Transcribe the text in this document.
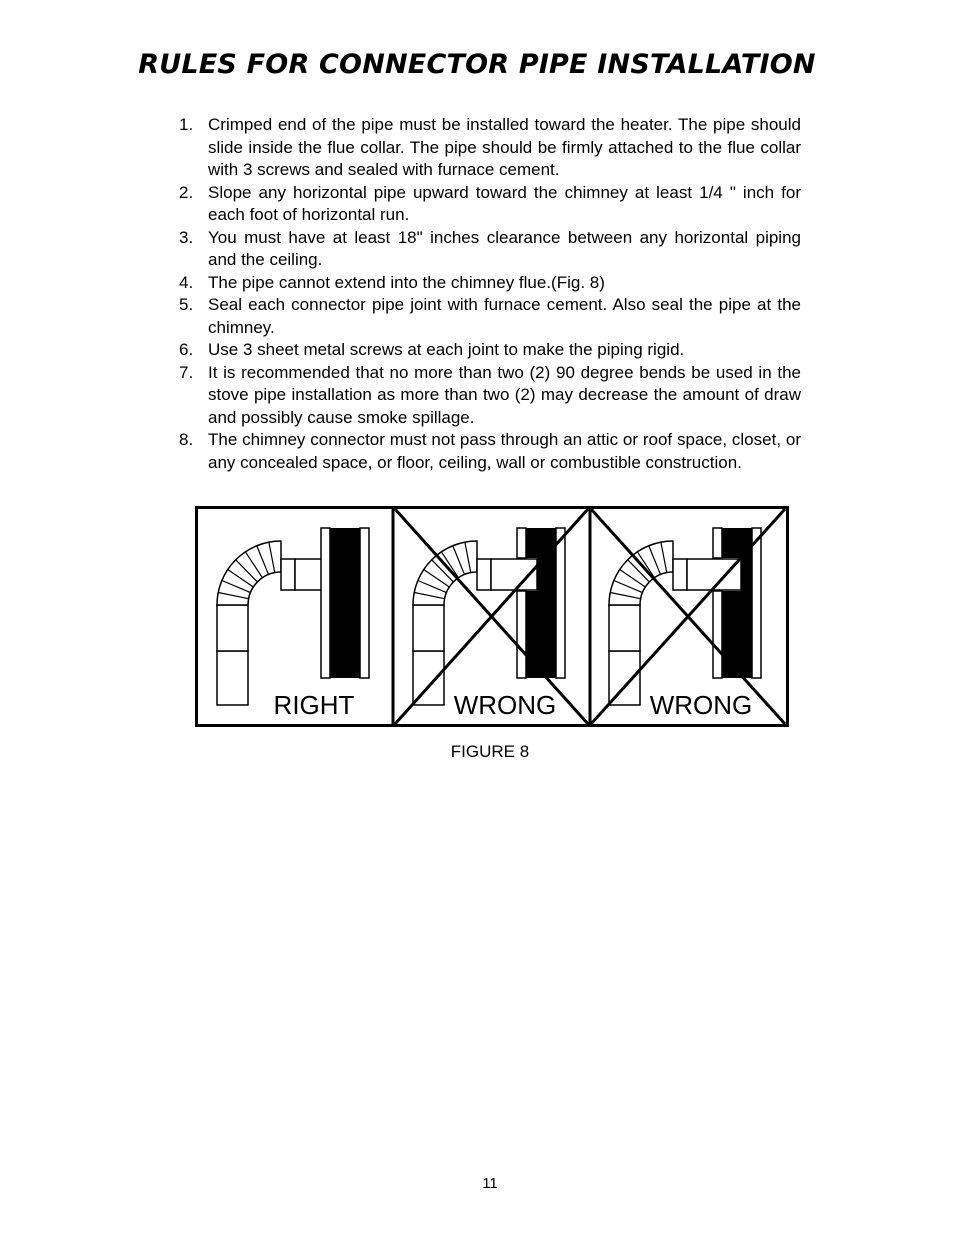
RULES FOR CONNECTOR PIPE INSTALLATION
1. Crimped end of the pipe must be installed toward the heater. The pipe should slide inside the flue collar. The pipe should be firmly attached to the flue collar with 3 screws and sealed with furnace cement.
2. Slope any horizontal pipe upward toward the chimney at least 1/4 " inch for each foot of horizontal run.
3. You must have at least 18" inches clearance between any horizontal piping and the ceiling.
4. The pipe cannot extend into the chimney flue.(Fig. 8)
5. Seal each connector pipe joint with furnace cement. Also seal the pipe at the chimney.
6. Use 3 sheet metal screws at each joint to make the piping rigid.
7. It is recommended that no more than two (2) 90 degree bends be used in the stove pipe installation as more than two (2) may decrease the amount of draw and possibly cause smoke spillage.
8. The chimney connector must not pass through an attic or roof space, closet, or any concealed space, or floor, ceiling, wall or combustible construction.
RIGHT	WRONG	WRONG
FIGURE 8
11
